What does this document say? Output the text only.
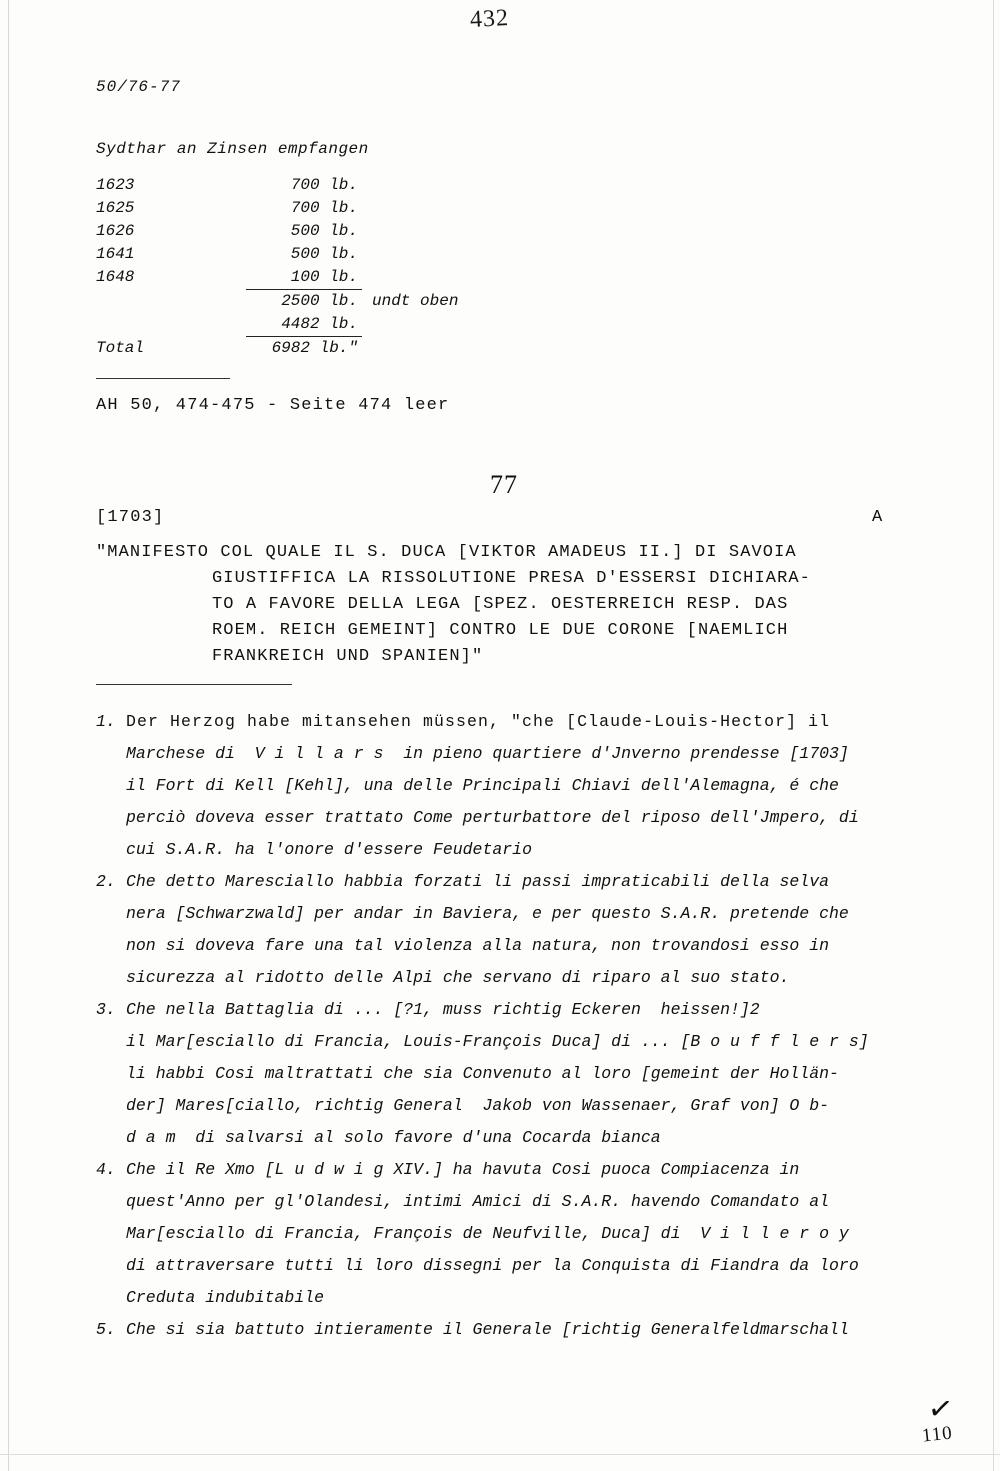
432
50/76-77
Sydthar an Zinsen empfangen
1623	700 lb.
1625	700 lb.
1626	500 lb.
1641	500 lb.
1648	100 lb.
2500 lb. undt oben
4482 lb.
Total	6982 lb."
AH 50, 474-475 - Seite 474 leer
77
[1703]	A
"MANIFESTO COL QUALE IL S. DUCA [VIKTOR AMADEUS II.] DI SAVOIA
GIUSTIFFICA LA RISSOLUTIONE PRESA D'ESSERSI DICHIARA-
TO A FAVORE DELLA LEGA [SPEZ. OESTERREICH RESP. DAS
ROEM. REICH GEMEINT] CONTRO LE DUE CORONE [NAEMLICH
FRANKREICH UND SPANIEN]"
1. Der Herzog habe mitansehen müssen, "che [Claude-Louis-Hector] il
Marchese di  V i l l a r s  in pieno quartiere d'Jnverno prendesse [1703]
il Fort di Kell [Kehl], una delle Principali Chiavi dell'Alemagna, é che
perciò doveva esser trattato Come perturbattore del riposo dell'Jmpero, di
cui S.A.R. ha l'onore d'essere Feudetario
2. Che detto Maresciallo habbia forzati li passi impraticabili della selva
nera [Schwarzwald] per andar in Baviera, e per questo S.A.R. pretende che
non si doveva fare una tal violenza alla natura, non trovandosi esso in
sicurezza al ridotto delle Alpi che servano di riparo al suo stato.
3. Che nella Battaglia di ... [?1, muss richtig Eckeren  heissen!]2
il Mar[esciallo di Francia, Louis-François Duca] di ... [B o u f f l e r s]
li habbi Cosi maltrattati che sia Convenuto al loro [gemeint der Hollän-
der] Mares[ciallo, richtig General  Jakob von Wassenaer, Graf von] O b-
d a m  di salvarsi al solo favore d'una Cocarda bianca
4. Che il Re Xmo [L u d w i g XIV.] ha havuta Cosi puoca Compiacenza in
quest'Anno per gl'Olandesi, intimi Amici di S.A.R. havendo Comandato al
Mar[esciallo di Francia, François de Neufville, Duca] di  V i l l e r o y
di attraversare tutti li loro dissegni per la Conquista di Fiandra da loro
Creduta indubitabile
5. Che si sia battuto intieramente il Generale [richtig Generalfeldmarschall
✓
110
